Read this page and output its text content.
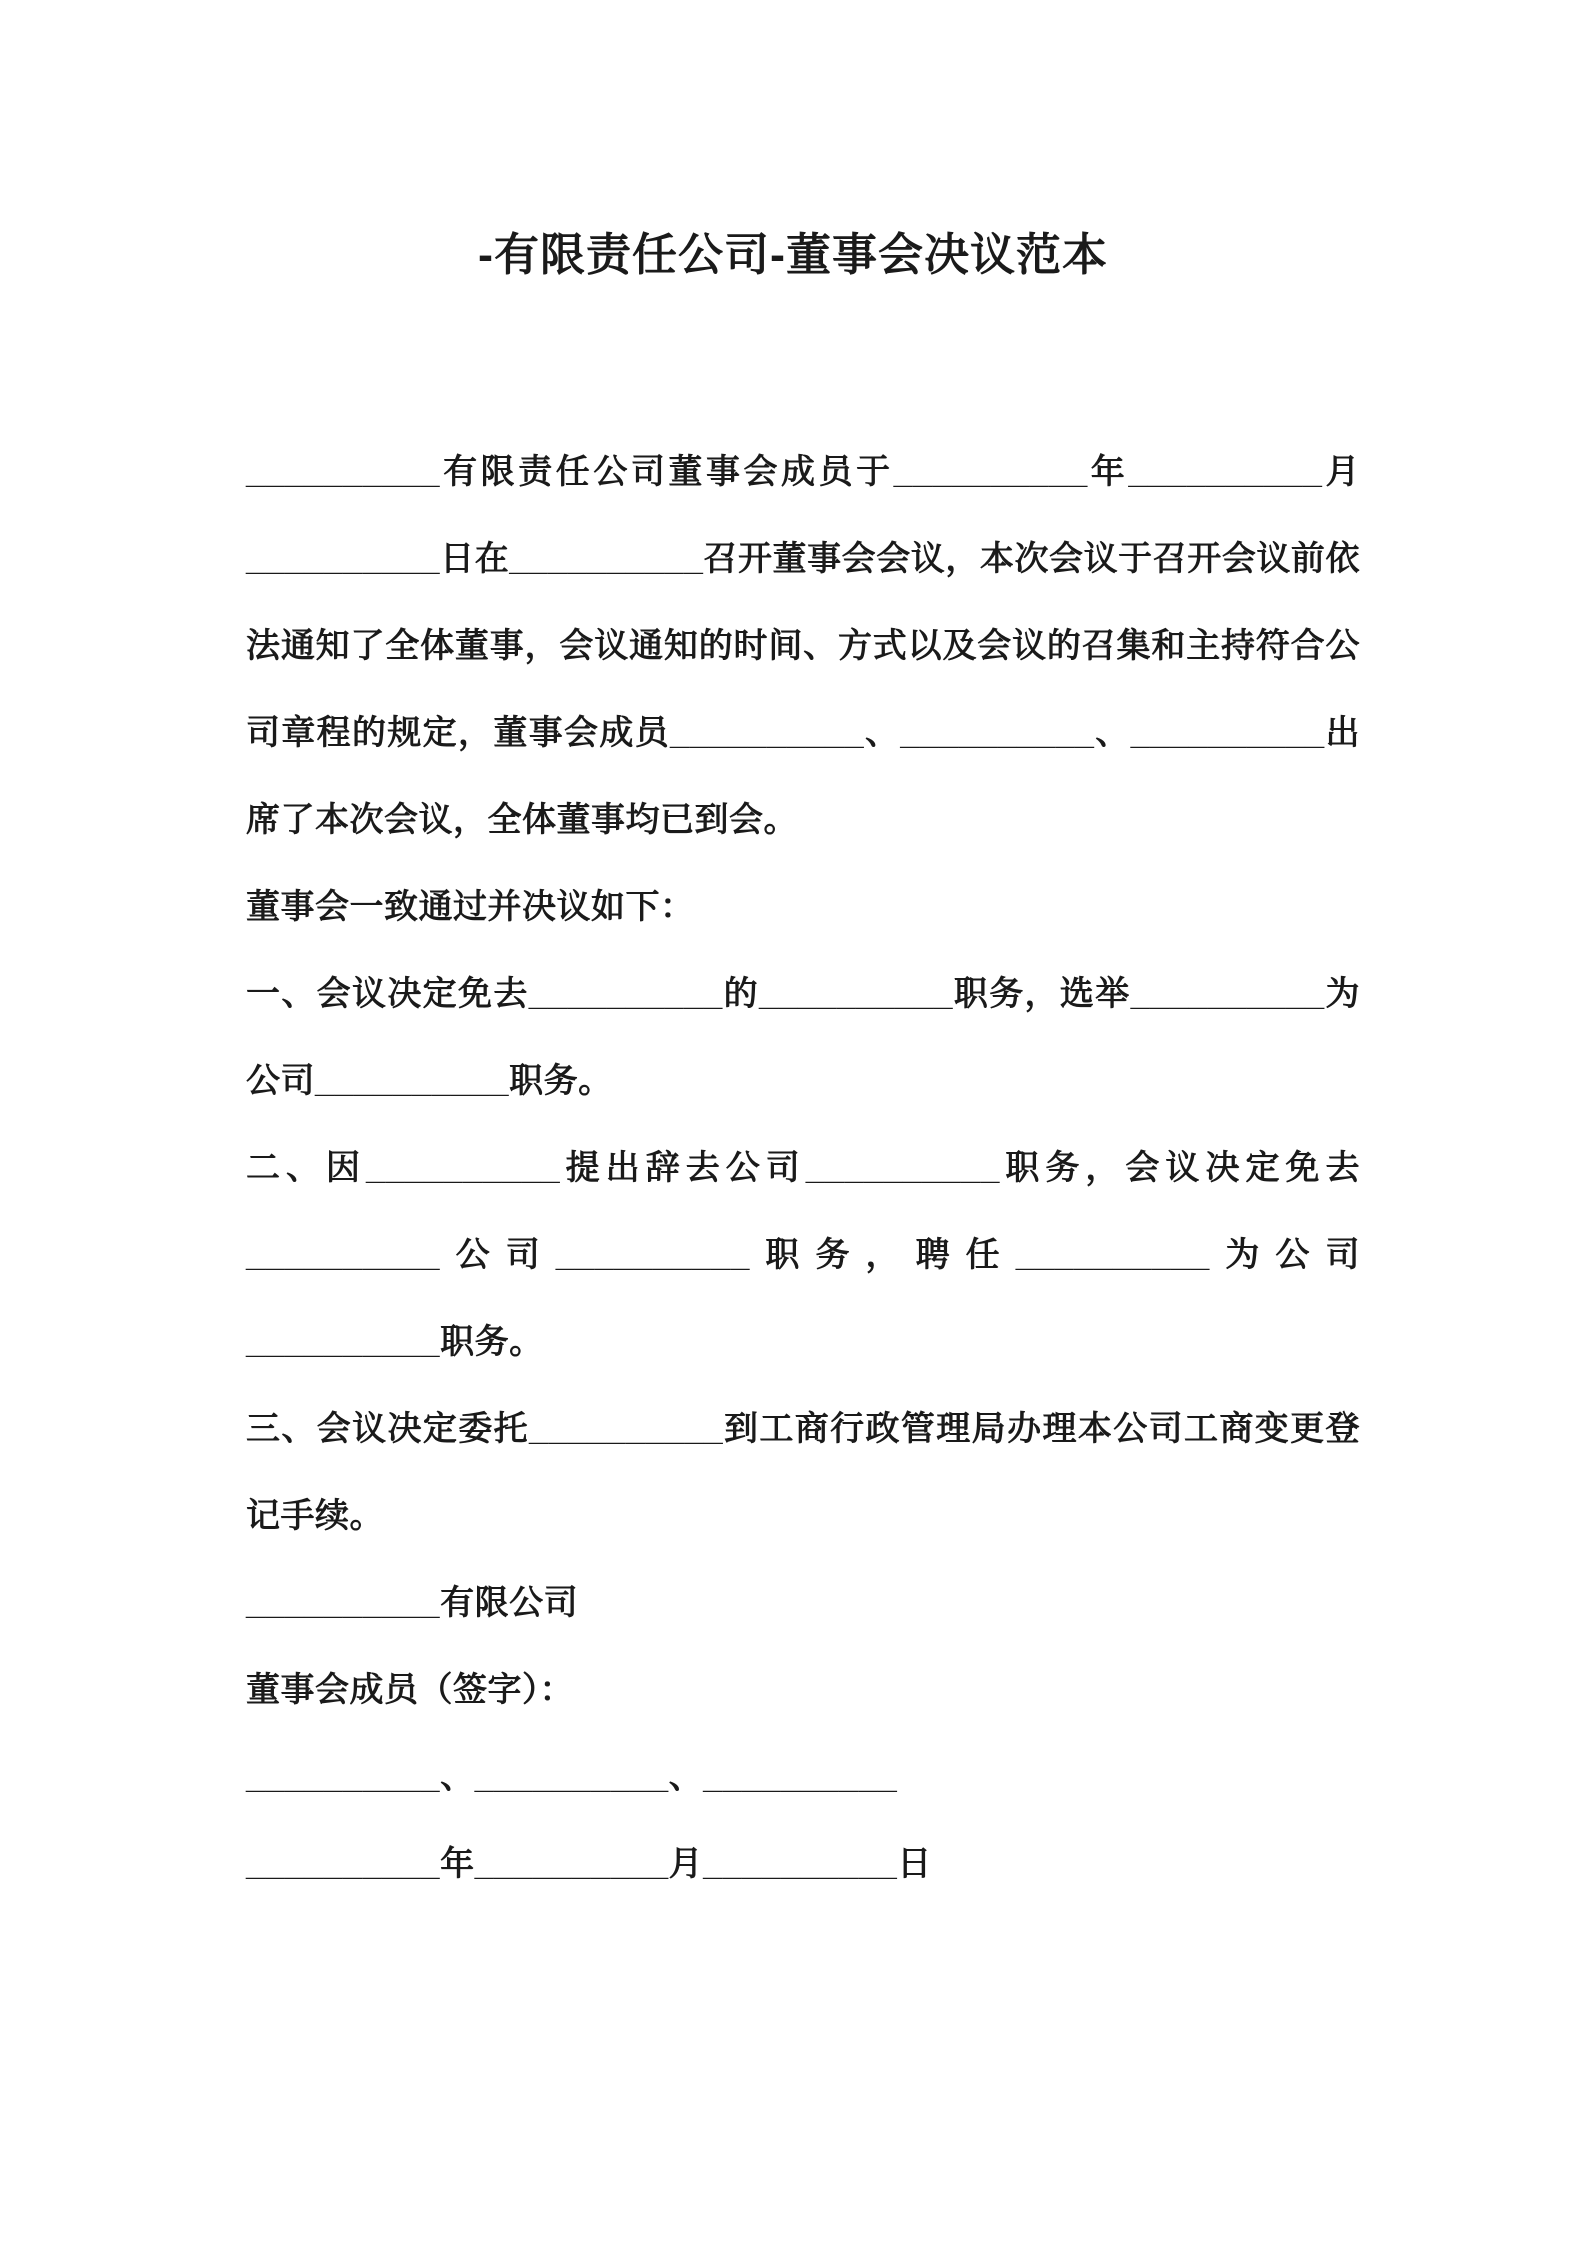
-有限责任公司-董事会决议范本

__________有限责任公司董事会成员于__________年__________月__________日在__________召开董事会会议，本次会议于召开会议前依法通知了全体董事，会议通知的时间、方式以及会议的召集和主持符合公司章程的规定，董事会成员__________、__________、__________出席了本次会议，全体董事均已到会。

董事会一致通过并决议如下：

一、会议决定免去__________的__________职务，选举__________为公司__________职务。

二、因__________提出辞去公司__________职务，会议决定免去__________公司__________职务，聘任__________为公司__________职务。

三、会议决定委托__________到工商行政管理局办理本公司工商变更登记手续。

__________有限公司

董事会成员（签字）：

__________、__________、__________

__________年__________月__________日
